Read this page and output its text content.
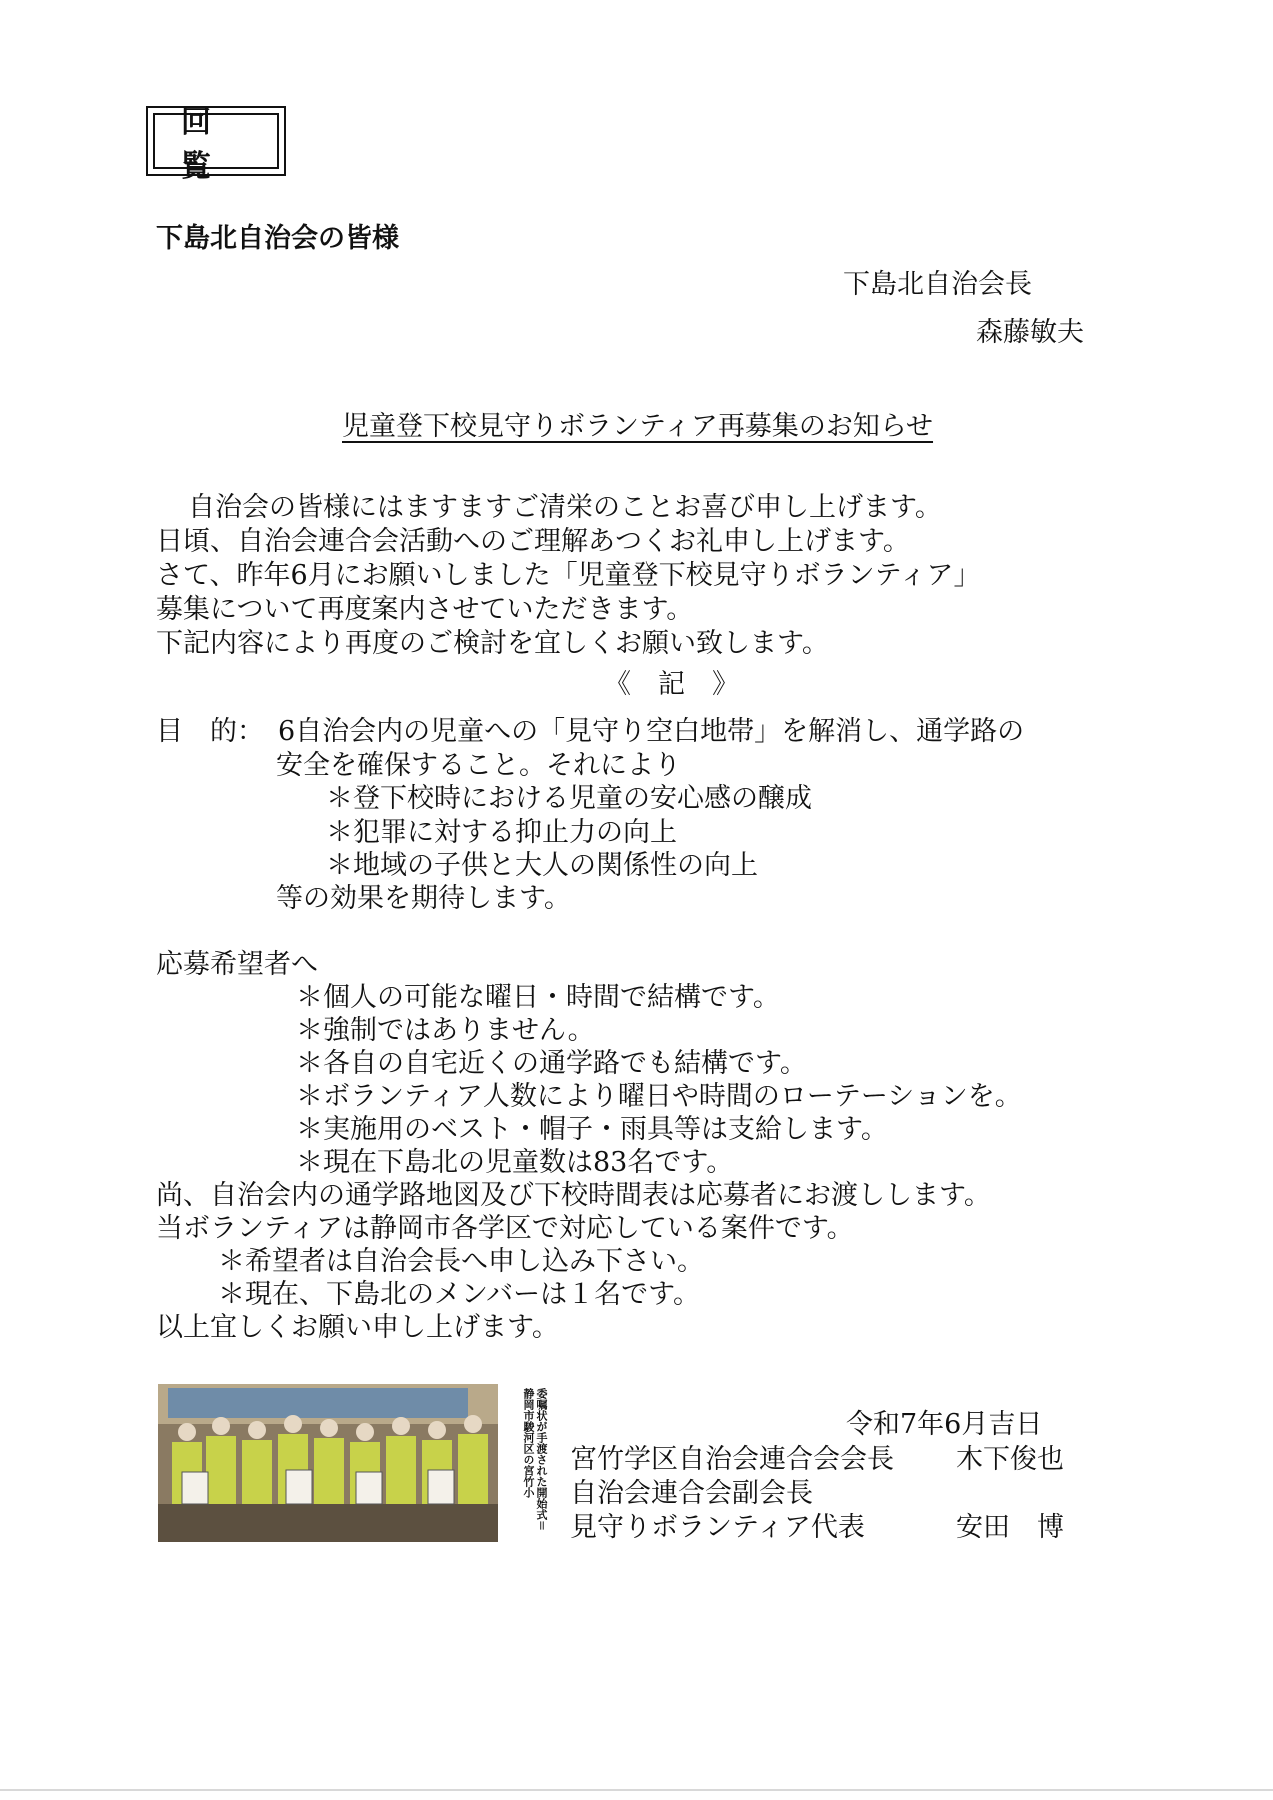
回覧
下島北自治会の皆様
下島北自治会長
森藤敏夫
児童登下校見守りボランティア再募集のお知らせ
自治会の皆様にはますますご清栄のことお喜び申し上げます。
日頃、自治会連合会活動へのご理解あつくお礼申し上げます。
さて、昨年6月にお願いしました「児童登下校見守りボランティア」
募集について再度案内させていただきます。
下記内容により再度のご検討を宜しくお願い致します。
《　記　》
目　的： 6自治会内の児童への「見守り空白地帯」を解消し、通学路の
安全を確保すること。それにより
＊登下校時における児童の安心感の醸成
＊犯罪に対する抑止力の向上
＊地域の子供と大人の関係性の向上
等の効果を期待します。
応募希望者へ
＊個人の可能な曜日・時間で結構です。
＊強制ではありません。
＊各自の自宅近くの通学路でも結構です。
＊ボランティア人数により曜日や時間のローテーションを。
＊実施用のベスト・帽子・雨具等は支給します。
＊現在下島北の児童数は83名です。
尚、自治会内の通学路地図及び下校時間表は応募者にお渡しします。
当ボランティアは静岡市各学区で対応している案件です。
＊希望者は自治会長へ申し込み下さい。
＊現在、下島北のメンバーは１名です。
以上宜しくお願い申し上げます。
委嘱状が手渡された開始式＝静岡市駿河区の宮竹小	令和7年6月吉日
宮竹学区自治会連合会会長 木下俊也
自治会連合会副会長
見守りボランティア代表	安田　博
